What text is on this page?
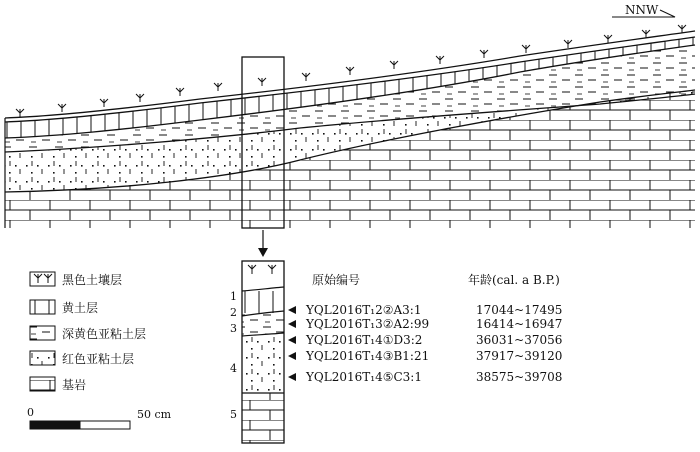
NNW
黑色土壤层
黄土层
深黄色亚粘土层
红色亚粘土层
基岩
0	50 cm
1
2
3
4
5
原始编号	年龄(cal. a B.P.)
YQL2016T₁2②A3:1	17044~17495
YQL2016T₁3②A2:99	16414~16947
YQL2016T₁4①D3:2	36031~37056
YQL2016T₁4③B1:21	37917~39120
YQL2016T₁4⑤C3:1	38575~39708
